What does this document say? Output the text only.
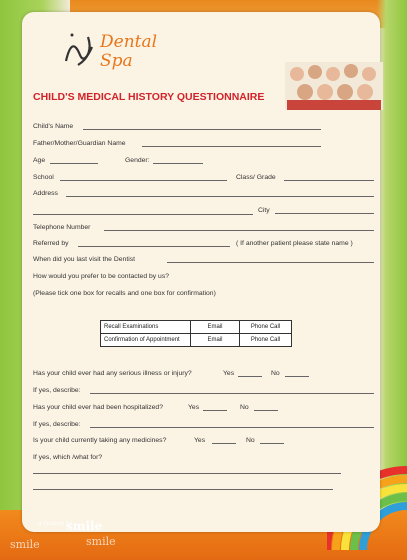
Dental
Spa
CHILD'S MEDICAL HISTORY QUESTIONNAIRE
Child's Name
Father/Mother/Guardian Name
Age	Gender:
School	Class/ Grade
Address
City
Telephone Number
Referred by	( If another patient please state name )
When did you last visit the Dentist
How would you prefer to be contacted by us?
(Please tick one box for recalls and one box for confirmation)
Recall Examinations	Email	Phone Call
Confirmation of Appointment	Email	Phone Call
Has your child ever had any serious illness or injury?	Yes	No
If yes, describe:
Has your child ever had been hospitalized?	Yes	No
If yes, describe:
Is your child currently taking any medicines?	Yes	No
If yes, which /what for?
a reason to
smile
smile	smile
